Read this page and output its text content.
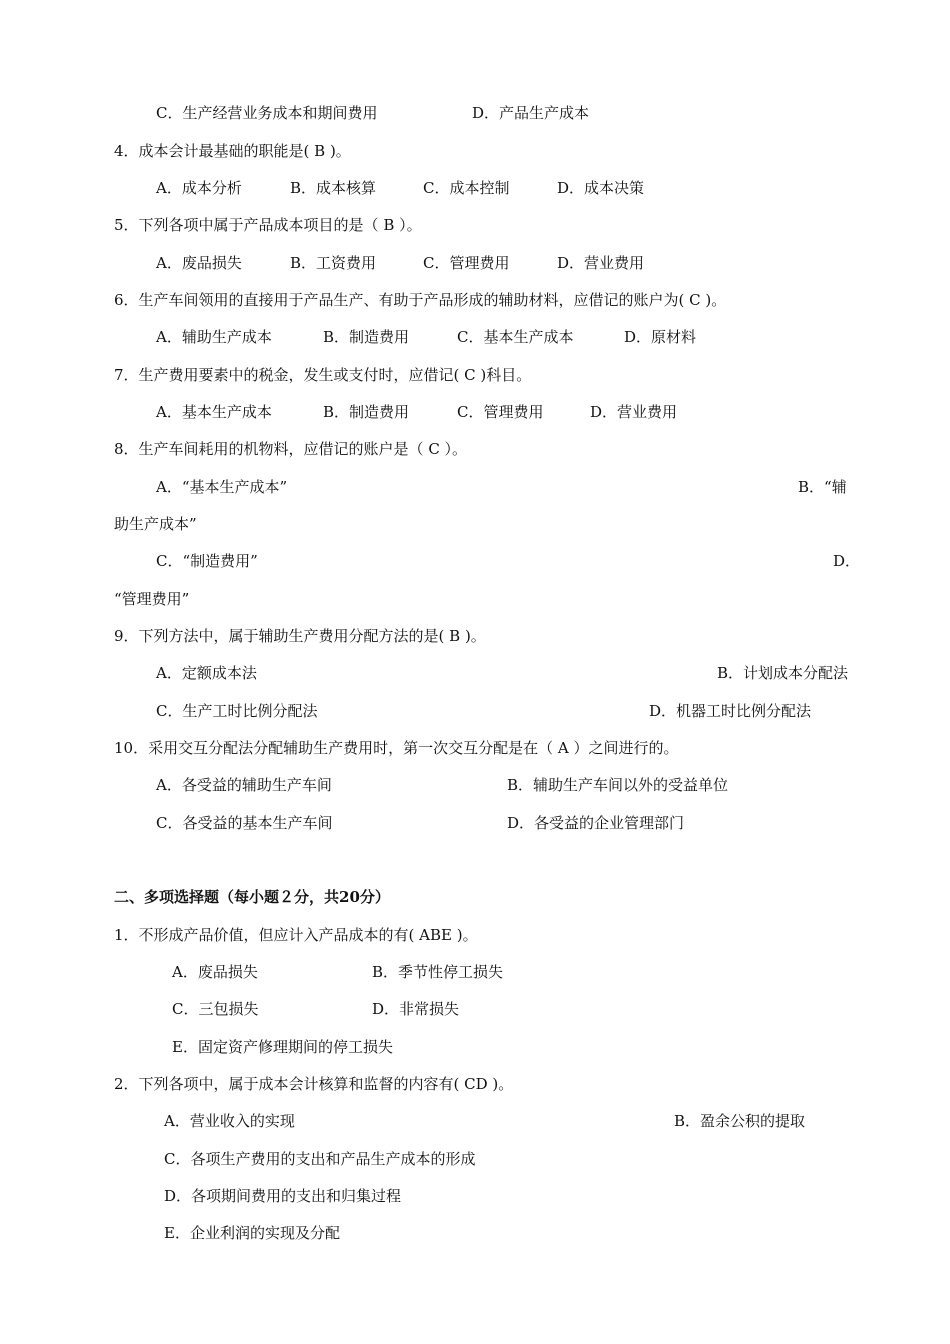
C．生产经营业务成本和期间费用	D．产品生产成本
4．成本会计最基础的职能是( B )。
A．成本分析	B．成本核算	C．成本控制	D．成本决策
5．下列各项中属于产品成本项目的是（ B ）。
A．废品损失	B．工资费用	C．管理费用	D．营业费用
6．生产车间领用的直接用于产品生产、有助于产品形成的辅助材料，应借记的账户为( C )。
A．辅助生产成本	B．制造费用	C．基本生产成本	D．原材料
7．生产费用要素中的税金，发生或支付时，应借记( C )科目。
A．基本生产成本	B．制造费用	C．管理费用	D．营业费用
8．生产车间耗用的机物料，应借记的账户是（ C ）。
A．“基本生产成本”	B．“辅
助生产成本”
C．“制造费用”	D．
“管理费用”
9．下列方法中，属于辅助生产费用分配方法的是( B )。
A．定额成本法	B．计划成本分配法
C．生产工时比例分配法	D．机器工时比例分配法
10．采用交互分配法分配辅助生产费用时，第一次交互分配是在（ A ）之间进行的。
A．各受益的辅助生产车间	B．辅助生产车间以外的受益单位
C．各受益的基本生产车间	D．各受益的企业管理部门
二、多项选择题（每小题２分，共20分）
1．不形成产品价值，但应计入产品成本的有( ABE )。
A．废品损失	B．季节性停工损失
C．三包损失	D．非常损失
E．固定资产修理期间的停工损失
2．下列各项中，属于成本会计核算和监督的内容有( CD )。
A．营业收入的实现	B．盈余公积的提取
C．各项生产费用的支出和产品生产成本的形成
D．各项期间费用的支出和归集过程
E．企业利润的实现及分配
